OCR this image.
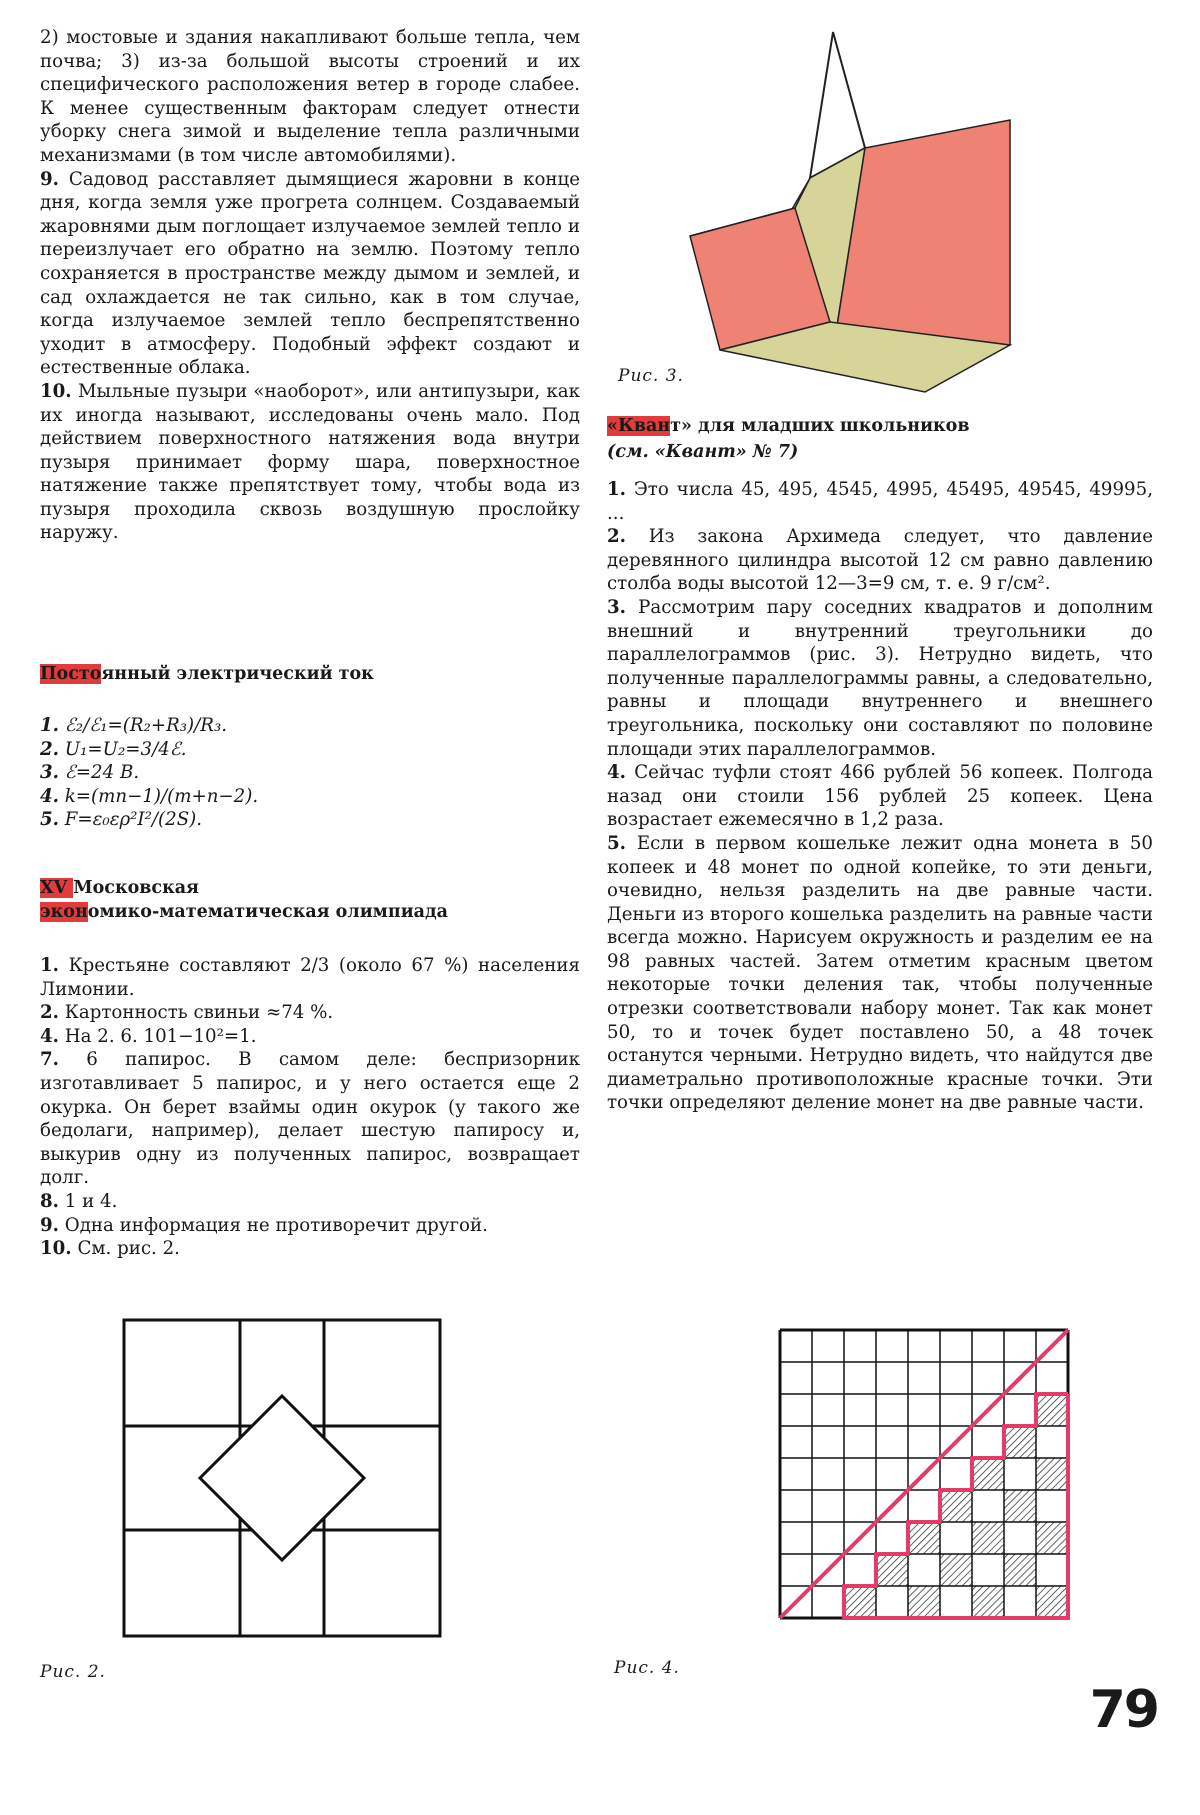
2) мостовые и здания накапливают больше тепла, чем почва; 3) из-за большой высоты строений и их специфического расположения ветер в городе слабее. К менее существенным факторам следует отнести уборку снега зимой и выделение тепла различными механизмами (в том числе автомобилями).

9. Садовод расставляет дымящиеся жаровни в конце дня, когда земля уже прогрета солнцем. Создаваемый жаровнями дым поглощает излучаемое землей тепло и переизлучает его обратно на землю. Поэтому тепло сохраняется в пространстве между дымом и землей, и сад охлаждается не так сильно, как в том случае, когда излучаемое землей тепло беспрепятственно уходит в атмосферу. Подобный эффект создают и естественные облака.

10. Мыльные пузыри «наоборот», или антипузыри, как их иногда называют, исследованы очень мало. Под действием поверхностного натяжения вода внутри пузыря принимает форму шара, поверхностное натяжение также препятствует тому, чтобы вода из пузыря проходила сквозь воздушную прослойку наружу.

Постоянный электрический ток
1. ℰ₂/ℰ₁=(R₂+R₃)/R₃.
2. U₁=U₂=3/4ℰ.
3. ℰ=24 В.
4. k=(mn−1)/(m+n−2).
5. F=ε₀ερ²I²/(2S).
XV Московская
экономико-математическая олимпиада
1. Крестьяне составляют 2/3 (около 67 %) населения Лимонии.
2. Картонность свиньи ≈74 %.
4. На 2. 6. 101−10²=1.
7. 6 папирос. В самом деле: беспризорник изготавливает 5 папирос, и у него остается еще 2 окурка. Он берет взаймы один окурок (у такого же бедолаги, например), делает шестую папиросу и, выкурив одну из полученных папирос, возвращает долг.
8. 1 и 4.
9. Одна информация не противоречит другой.
10. См. рис. 2.
Рис. 3.
«Квант» для младших школьников
(см. «Квант» № 7)
1. Это числа 45, 495, 4545, 4995, 45495, 49545, 49995, ...
2. Из закона Архимеда следует, что давление деревянного цилиндра высотой 12 см равно давлению столба воды высотой 12—3=9 см, т. е. 9 г/см².
3. Рассмотрим пару соседних квадратов и дополним внешний и внутренний треугольники до параллелограммов (рис. 3). Нетрудно видеть, что полученные параллелограммы равны, а следовательно, равны и площади внутреннего и внешнего треугольника, поскольку они составляют по половине площади этих параллелограммов.
4. Сейчас туфли стоят 466 рублей 56 копеек. Полгода назад они стоили 156 рублей 25 копеек. Цена возрастает ежемесячно в 1,2 раза.
5. Если в первом кошельке лежит одна монета в 50 копеек и 48 монет по одной копейке, то эти деньги, очевидно, нельзя разделить на две равные части. Деньги из второго кошелька разделить на равные части всегда можно. Нарисуем окружность и разделим ее на 98 равных частей. Затем отметим красным цветом некоторые точки деления так, чтобы полученные отрезки соответствовали набору монет. Так как монет 50, то и точек будет поставлено 50, а 48 точек останутся черными. Нетрудно видеть, что найдутся две диаметрально противоположные красные точки. Эти точки определяют деление монет на две равные части.
Рис. 2.	Рис. 4.
79
